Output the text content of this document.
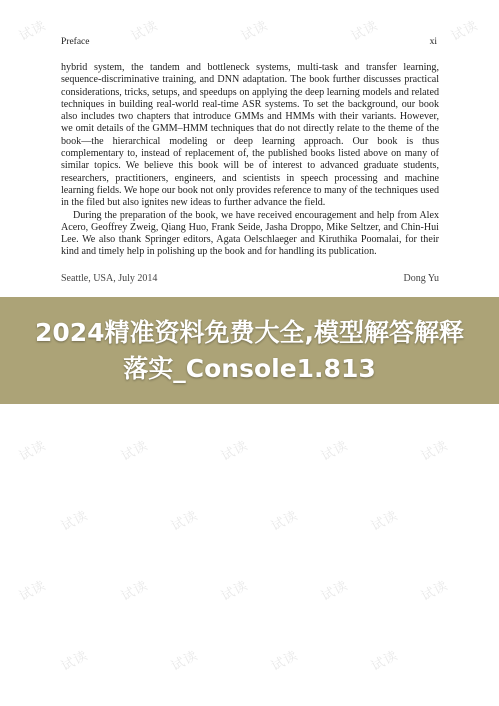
试读	试读	试读	试读	试读
试读	试读	试读	试读	试读
试读	试读	试读	试读
试读	试读	试读	试读	试读
试读	试读	试读	试读
Preface	xi

hybrid system, the tandem and bottleneck systems, multi-task and transfer learning, sequence-discriminative training, and DNN adaptation. The book further discusses practical considerations, tricks, setups, and speedups on applying the deep learning models and related techniques in building real-world real-time ASR systems. To set the background, our book also includes two chapters that introduce GMMs and HMMs with their variants. However, we omit details of the GMM–HMM techniques that do not directly relate to the theme of the book—the hierarchical modeling or deep learning approach. Our book is thus complementary to, instead of replacement of, the published books listed above on many of similar topics. We believe this book will be of interest to advanced graduate students, researchers, practitioners, engineers, and scientists in speech processing and machine learning fields. We hope our book not only provides reference to many of the techniques used in the filed but also ignites new ideas to further advance the field.

During the preparation of the book, we have received encouragement and help from Alex Acero, Geoffrey Zweig, Qiang Huo, Frank Seide, Jasha Droppo, Mike Seltzer, and Chin-Hui Lee. We also thank Springer editors, Agata Oelschlaeger and Kiruthika Poomalai, for their kind and timely help in polishing up the book and for handling its publication.

Seattle, USA, July 2014	Dong Yu
2024精准资料免费大全,模型解答解释落实_Console1.813
